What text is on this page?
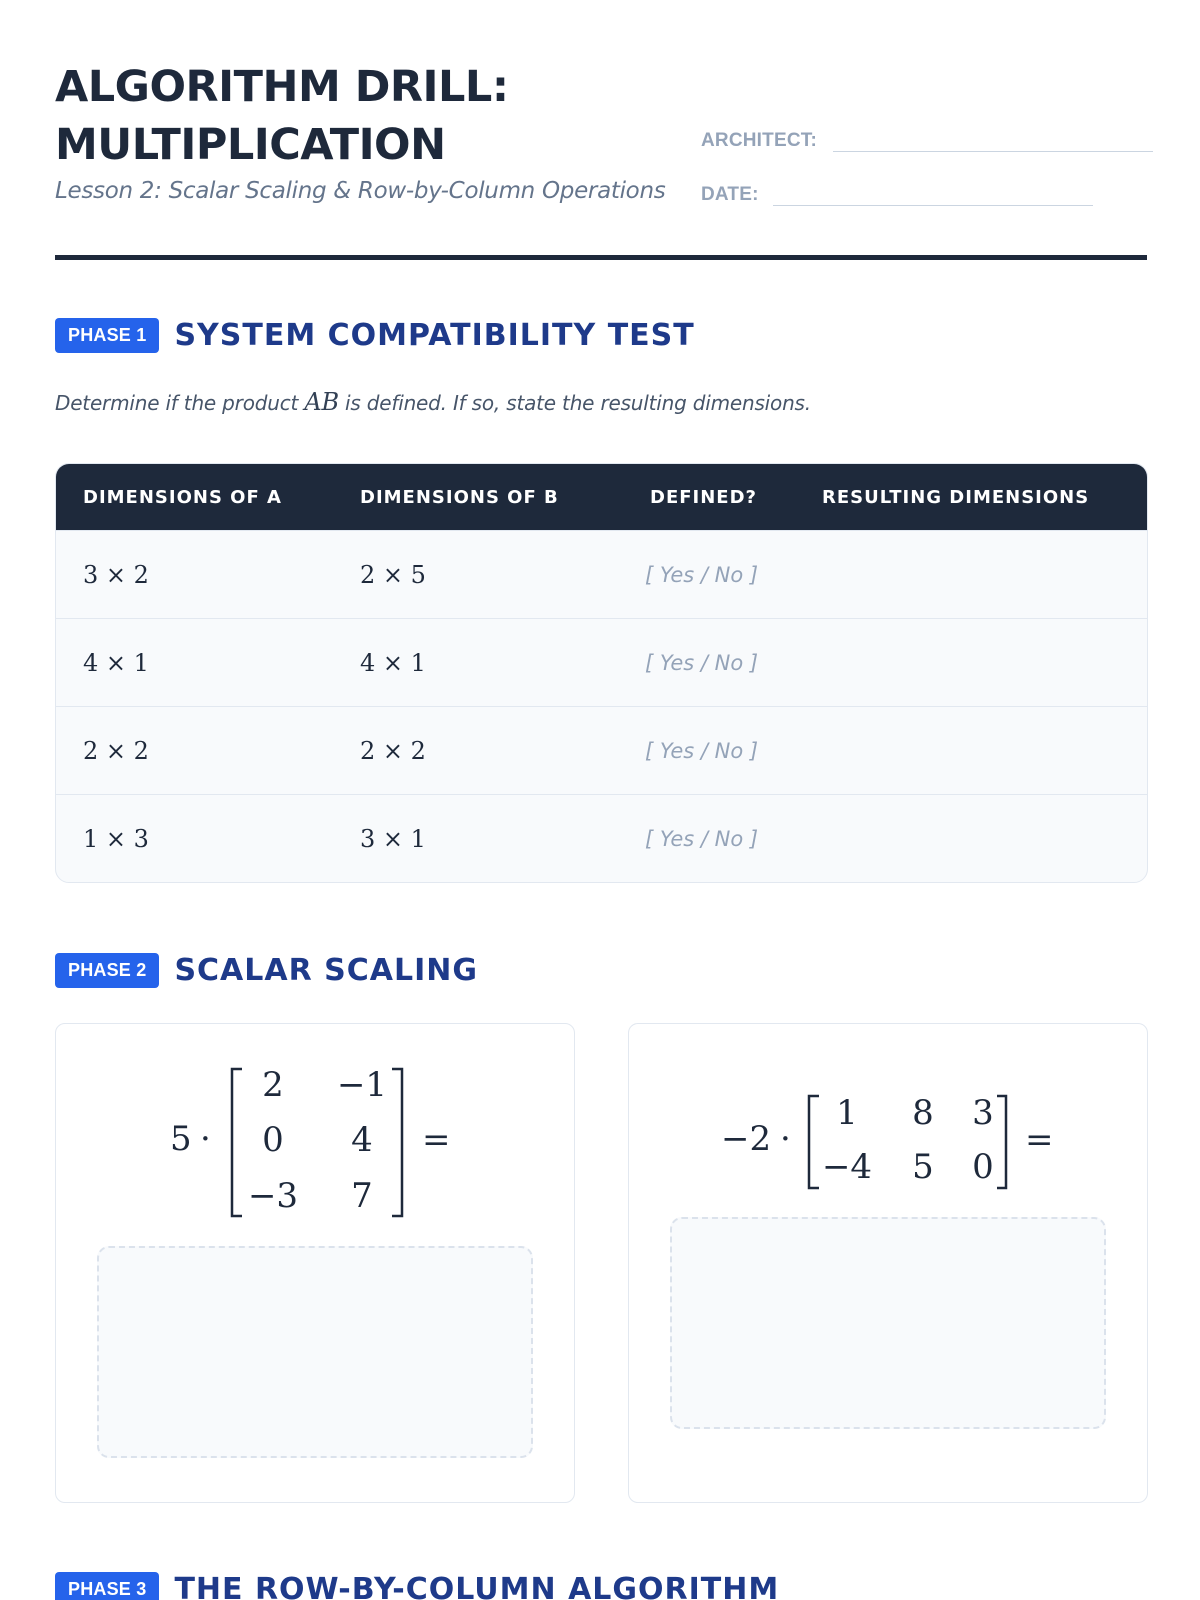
ALGORITHM DRILL:
MULTIPLICATION
Lesson 2: Scalar Scaling & Row-by-Column Operations
ARCHITECT:
DATE:
PHASE 1 SYSTEM COMPATIBILITY TEST
Determine if the product AB is defined. If so, state the resulting dimensions.
DIMENSIONS OF A	DIMENSIONS OF B	DEFINED?	RESULTING DIMENSIONS
3 × 2	2 × 5	[ Yes / No ]
4 × 1	4 × 1	[ Yes / No ]
2 × 2	2 × 2	[ Yes / No ]
1 × 3	3 × 1	[ Yes / No ]
PHASE 2 SCALAR SCALING
5 ·
2 −1
0 4
−3 7
=	−2 ·
1 8 3
−4 5 0
=
PHASE 3 THE ROW-BY-COLUMN ALGORITHM
